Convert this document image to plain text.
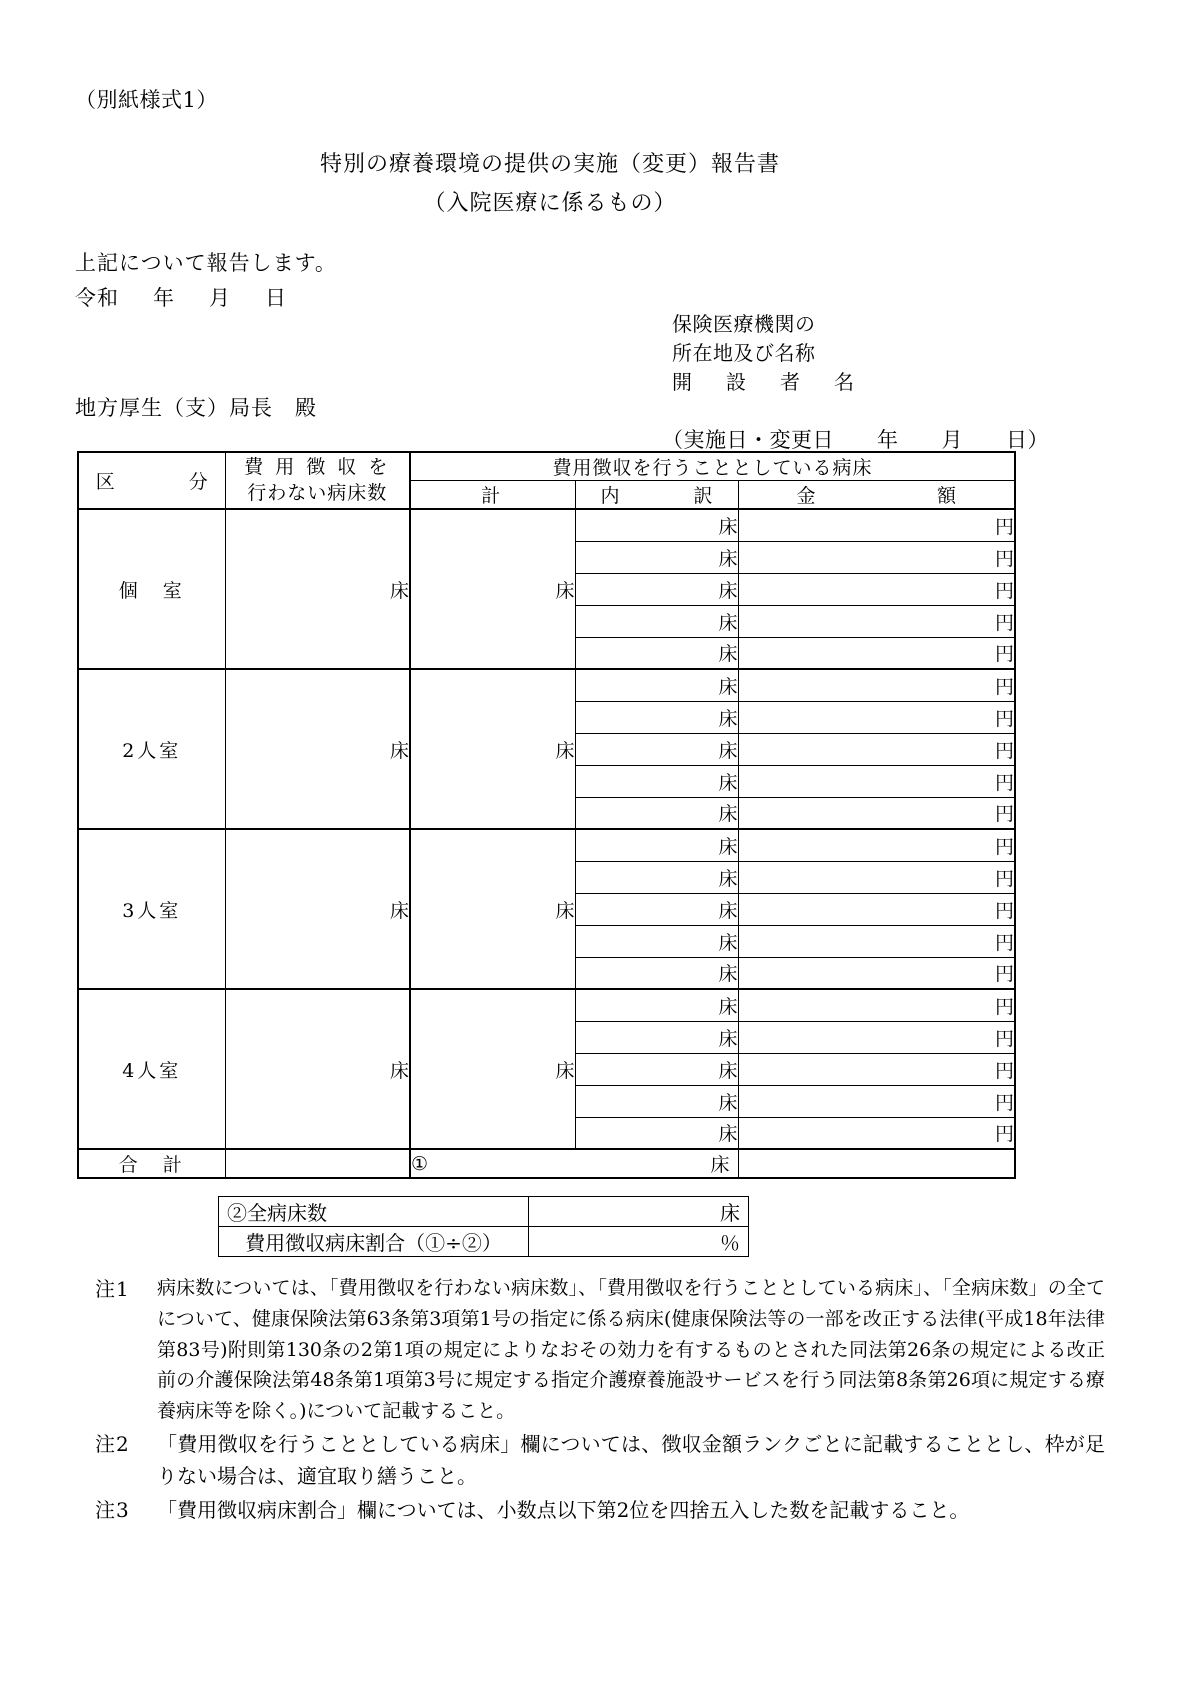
（別紙様式1）
特別の療養環境の提供の実施（変更）報告書
（入院医療に係るもの）
上記について報告します。
令和 年 月 日
保険医療機関の
所在地及び名称
開　設　者　名
地方厚生（支）局長　殿
（実施日・変更日　　年　　月　　日）
区　　分	費 用 徴 収 を
行わない病床数	費用徴収を行うこととしている病床		
		計	内　　訳	金 額

個　室	床	床	床	円
			床	円
			床	円
			床	円
			床	円
2人室	床	床	床	円
			床	円
			床	円
			床	円
			床	円
3人室	床	床	床	円
			床	円
			床	円
			床	円
			床	円
4人室	床	床	床	円
			床	円
			床	円
			床	円
			床	円
合　計		① 床		

②全病床数	床
費用徴収病床割合（①÷②）	％
注1	病床数については、「費用徴収を行わない病床数」、「費用徴収を行うこととしている病床」、「全病床数」の全てについて、健康保険法第63条第3項第1号の指定に係る病床(健康保険法等の一部を改正する法律(平成18年法律第83号)附則第130条の2第1項の規定によりなおその効力を有するものとされた同法第26条の規定による改正前の介護保険法第48条第1項第3号に規定する指定介護療養施設サービスを行う同法第8条第26項に規定する療養病床等を除く。)について記載すること。
注2	「費用徴収を行うこととしている病床」欄については、徴収金額ランクごとに記載することとし、枠が足りない場合は、適宜取り繕うこと。
注3	「費用徴収病床割合」欄については、小数点以下第2位を四捨五入した数を記載すること。
